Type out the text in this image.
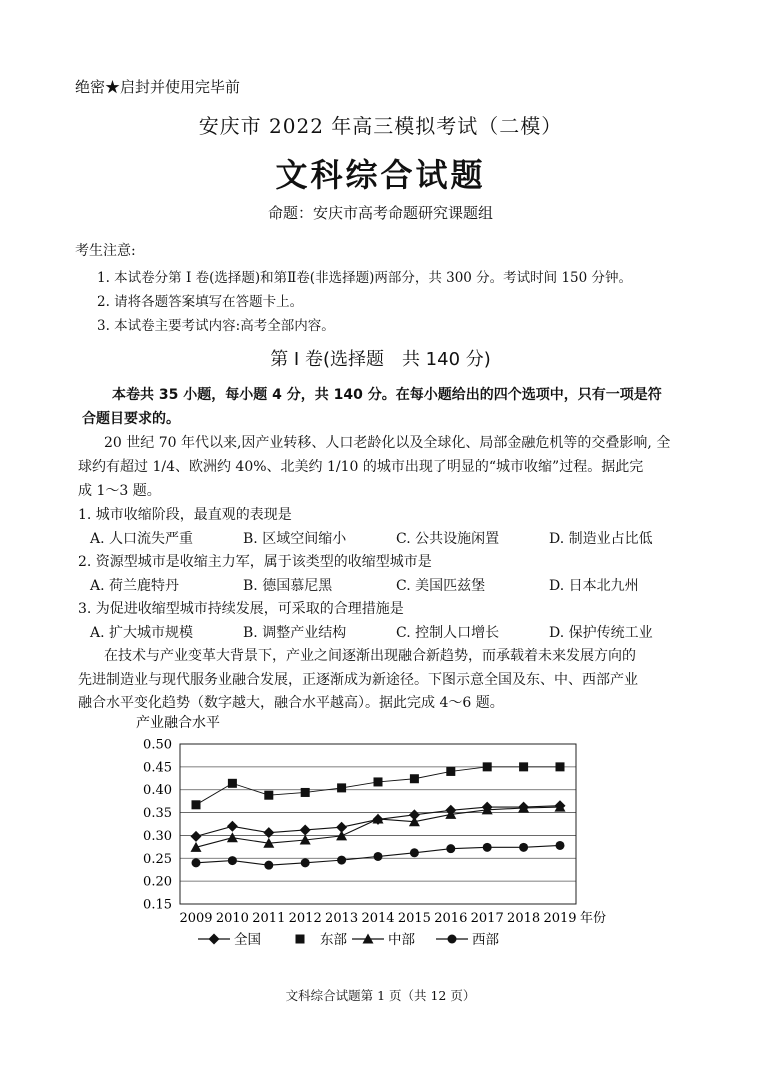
绝密★启封并使用完毕前
安庆市 2022 年高三模拟考试（二模）
文科综合试题
命题：安庆市高考命题研究课题组
考生注意:
1. 本试卷分第 Ⅰ 卷(选择题)和第Ⅱ卷(非选择题)两部分，共 300 分。考试时间 150 分钟。
2. 请将各题答案填写在答题卡上。
3. 本试卷主要考试内容:高考全部内容。
第 Ⅰ 卷(选择题　共 140 分)
本卷共 35 小题，每小题 4 分，共 140 分。在每小题给出的四个选项中，只有一项是符
合题目要求的。
20 世纪 70 年代以来,因产业转移、人口老龄化以及全球化、局部金融危机等的交叠影响, 全
球约有超过 1/4、欧洲约 40%、北美约 1/10 的城市出现了明显的“城市收缩”过程。据此完
成 1～3 题。
1. 城市收缩阶段，最直观的表现是
A. 人口流失严重	B. 区域空间缩小	C. 公共设施闲置	D. 制造业占比低
2. 资源型城市是收缩主力军，属于该类型的收缩型城市是
A. 荷兰鹿特丹	B. 德国慕尼黑	C. 美国匹兹堡	D. 日本北九州
3. 为促进收缩型城市持续发展，可采取的合理措施是
A. 扩大城市规模	B. 调整产业结构	C. 控制人口增长	D. 保护传统工业
在技术与产业变革大背景下，产业之间逐渐出现融合新趋势，而承载着未来发展方向的
先进制造业与现代服务业融合发展，正逐渐成为新途径。下图示意全国及东、中、西部产业
融合水平变化趋势（数字越大，融合水平越高）。据此完成 4～6 题。
0.50
0.45
0.40
0.35
0.30
0.25
0.20
0.15
产业融合水平
2009 2010 2011 2012 2013 2014 2015 2016 2017 2018 2019 年份
全国	东部	中部	西部
文科综合试题第 1 页（共 12 页）
